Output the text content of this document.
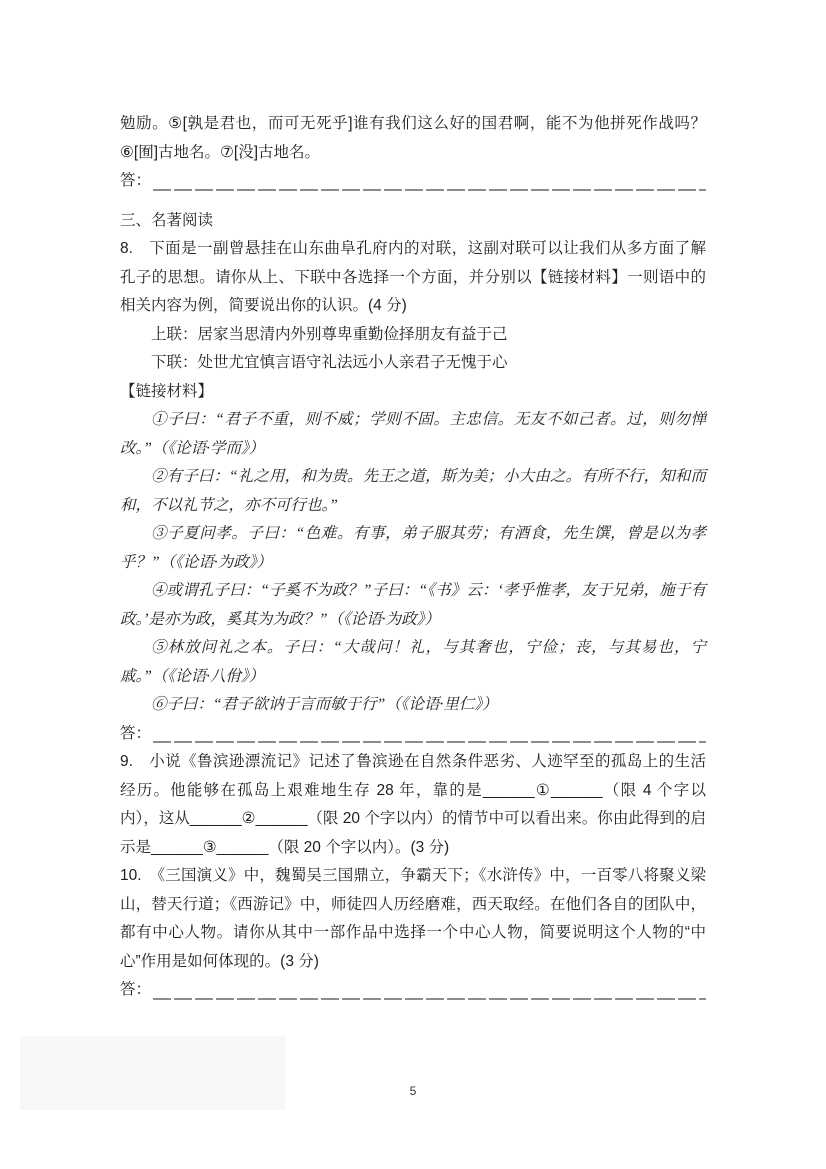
勉励。⑤[孰是君也，而可无死乎]谁有我们这么好的国君啊，能不为他拼死作战吗？⑥[囿]古地名。⑦[没]古地名。

答：

三、名著阅读

8.　下面是一副曾悬挂在山东曲阜孔府内的对联，这副对联可以让我们从多方面了解孔子的思想。请你从上、下联中各选择一个方面，并分别以【链接材料】一则语中的相关内容为例，简要说出你的认识。(4 分)

上联：居家当思清内外别尊卑重勤俭择朋友有益于己

下联：处世尤宜慎言语守礼法远小人亲君子无愧于心

【链接材料】

①子曰：“君子不重，则不威；学则不固。主忠信。无友不如己者。过，则勿惮改。”（《论语·学而》）

②有子曰：“礼之用，和为贵。先王之道，斯为美；小大由之。有所不行，知和而和，不以礼节之，亦不可行也。”

③子夏问孝。子曰：“色难。有事，弟子服其劳；有酒食，先生馔，曾是以为孝乎？”（《论语·为政》）

④或谓孔子曰：“子奚不为政？”子曰：“《书》云：‘孝乎惟孝，友于兄弟，施于有政。’是亦为政，奚其为为政？”（《论语·为政》）

⑤林放问礼之本。子曰：“大哉问！礼，与其奢也，宁俭；丧，与其易也，宁戚。”（《论语·八佾》）

⑥子曰：“君子欲讷于言而敏于行”（《论语·里仁》）

答：

9.　小说《鲁滨逊漂流记》记述了鲁滨逊在自然条件恶劣、人迹罕至的孤岛上的生活经历。他能够在孤岛上艰难地生存 28 年，靠的是______①______（限 4 个字以内），这从______②______（限 20 个字以内）的情节中可以看出来。你由此得到的启示是______③______（限 20 个字以内）。(3 分)

10.　《三国演义》中，魏蜀吴三国鼎立，争霸天下；《水浒传》中，一百零八将聚义梁山，替天行道；《西游记》中，师徒四人历经磨难，西天取经。在他们各自的团队中，都有中心人物。请你从其中一部作品中选择一个中心人物，简要说明这个人物的“中心”作用是如何体现的。(3 分)

答：
5
